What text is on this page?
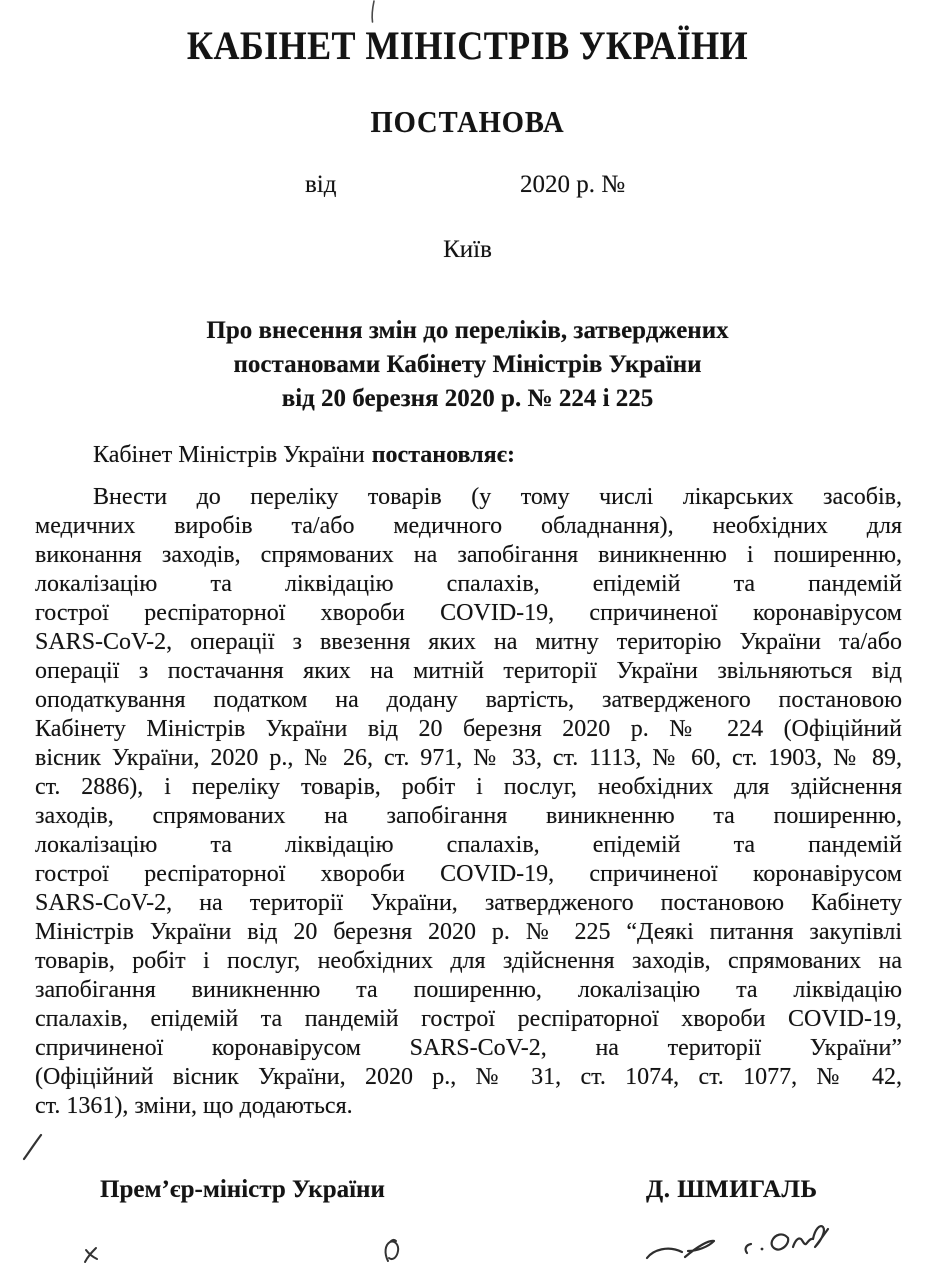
КАБІНЕТ МІНІСТРІВ УКРАЇНИ
ПОСТАНОВА
від	2020 р. №
Київ
Про внесення змін до переліків, затверджених
постановами Кабінету Міністрів України
від 20 березня 2020 р. № 224 і 225
Кабінет Міністрів України постановляє:
Внести до переліку товарів (у тому числі лікарських засобів,
медичних виробів та/або медичного обладнання), необхідних для
виконання заходів, спрямованих на запобігання виникненню і поширенню,
локалізацію та ліквідацію спалахів, епідемій та пандемій
гострої респіраторної хвороби COVID-19, спричиненої коронавірусом
SARS-CoV-2, операції з ввезення яких на митну територію України та/або
операції з постачання яких на митній території України звільняються від
оподаткування податком на додану вартість, затвердженого постановою
Кабінету Міністрів України від 20 березня 2020 р. № 224 (Офіційний
вісник України, 2020 р., № 26, ст. 971, № 33, ст. 1113, № 60, ст. 1903, № 89,
ст. 2886), і переліку товарів, робіт і послуг, необхідних для здійснення
заходів, спрямованих на запобігання виникненню та поширенню,
локалізацію та ліквідацію спалахів, епідемій та пандемій
гострої респіраторної хвороби COVID-19, спричиненої коронавірусом
SARS-CoV-2, на території України, затвердженого постановою Кабінету
Міністрів України від 20 березня 2020 р. № 225 “Деякі питання закупівлі
товарів, робіт і послуг, необхідних для здійснення заходів, спрямованих на
запобігання виникненню та поширенню, локалізацію та ліквідацію
спалахів, епідемій та пандемій гострої респіраторної хвороби COVID-19,
спричиненої коронавірусом SARS-CoV-2, на території України”
(Офіційний вісник України, 2020 р., № 31, ст. 1074, ст. 1077, № 42,
ст. 1361), зміни, що додаються.
Прем’єр-міністр України	Д. ШМИГАЛЬ
